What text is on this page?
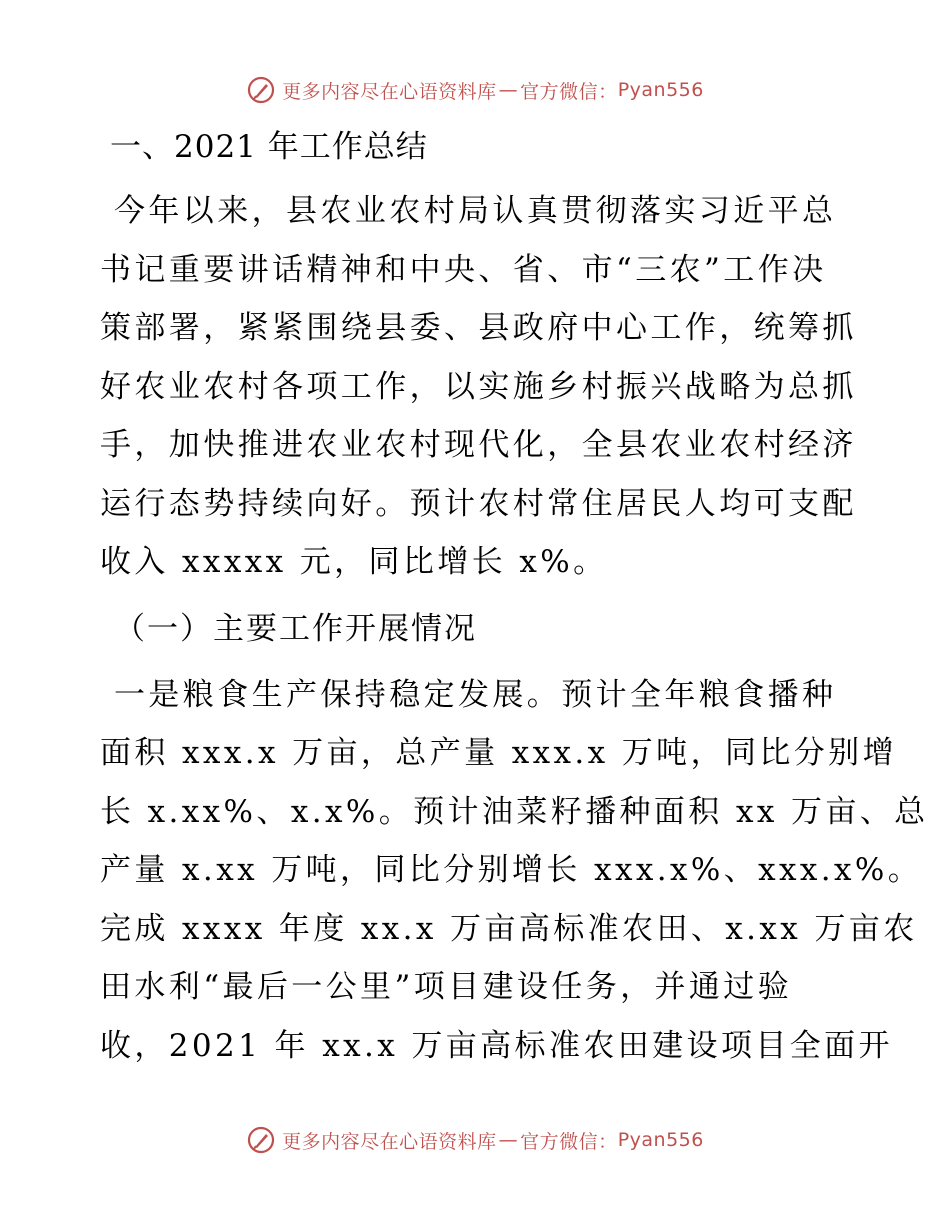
更多内容尽在心语资料库 — 官方微信： Pyan556
一、2021 年工作总结

今年以来，县农业农村局认真贯彻落实习近平总
书记重要讲话精神和中央、省、市“三农”工作决
策部署，紧紧围绕县委、县政府中心工作，统筹抓
好农业农村各项工作，以实施乡村振兴战略为总抓
手，加快推进农业农村现代化，全县农业农村经济
运行态势持续向好。预计农村常住居民人均可支配
收入 xxxxx 元，同比增长 x%。

（一）主要工作开展情况

一是粮食生产保持稳定发展。预计全年粮食播种
面积 xxx.x 万亩，总产量 xxx.x 万吨，同比分别增
长 x.xx%、x.x%。预计油菜籽播种面积 xx 万亩、总
产量 x.xx 万吨，同比分别增长 xxx.x%、xxx.x%。
完成 xxxx 年度 xx.x 万亩高标准农田、x.xx 万亩农
田水利“最后一公里”项目建设任务，并通过验
收，2021 年 xx.x 万亩高标准农田建设项目全面开

更多内容尽在心语资料库 — 官方微信： Pyan556
